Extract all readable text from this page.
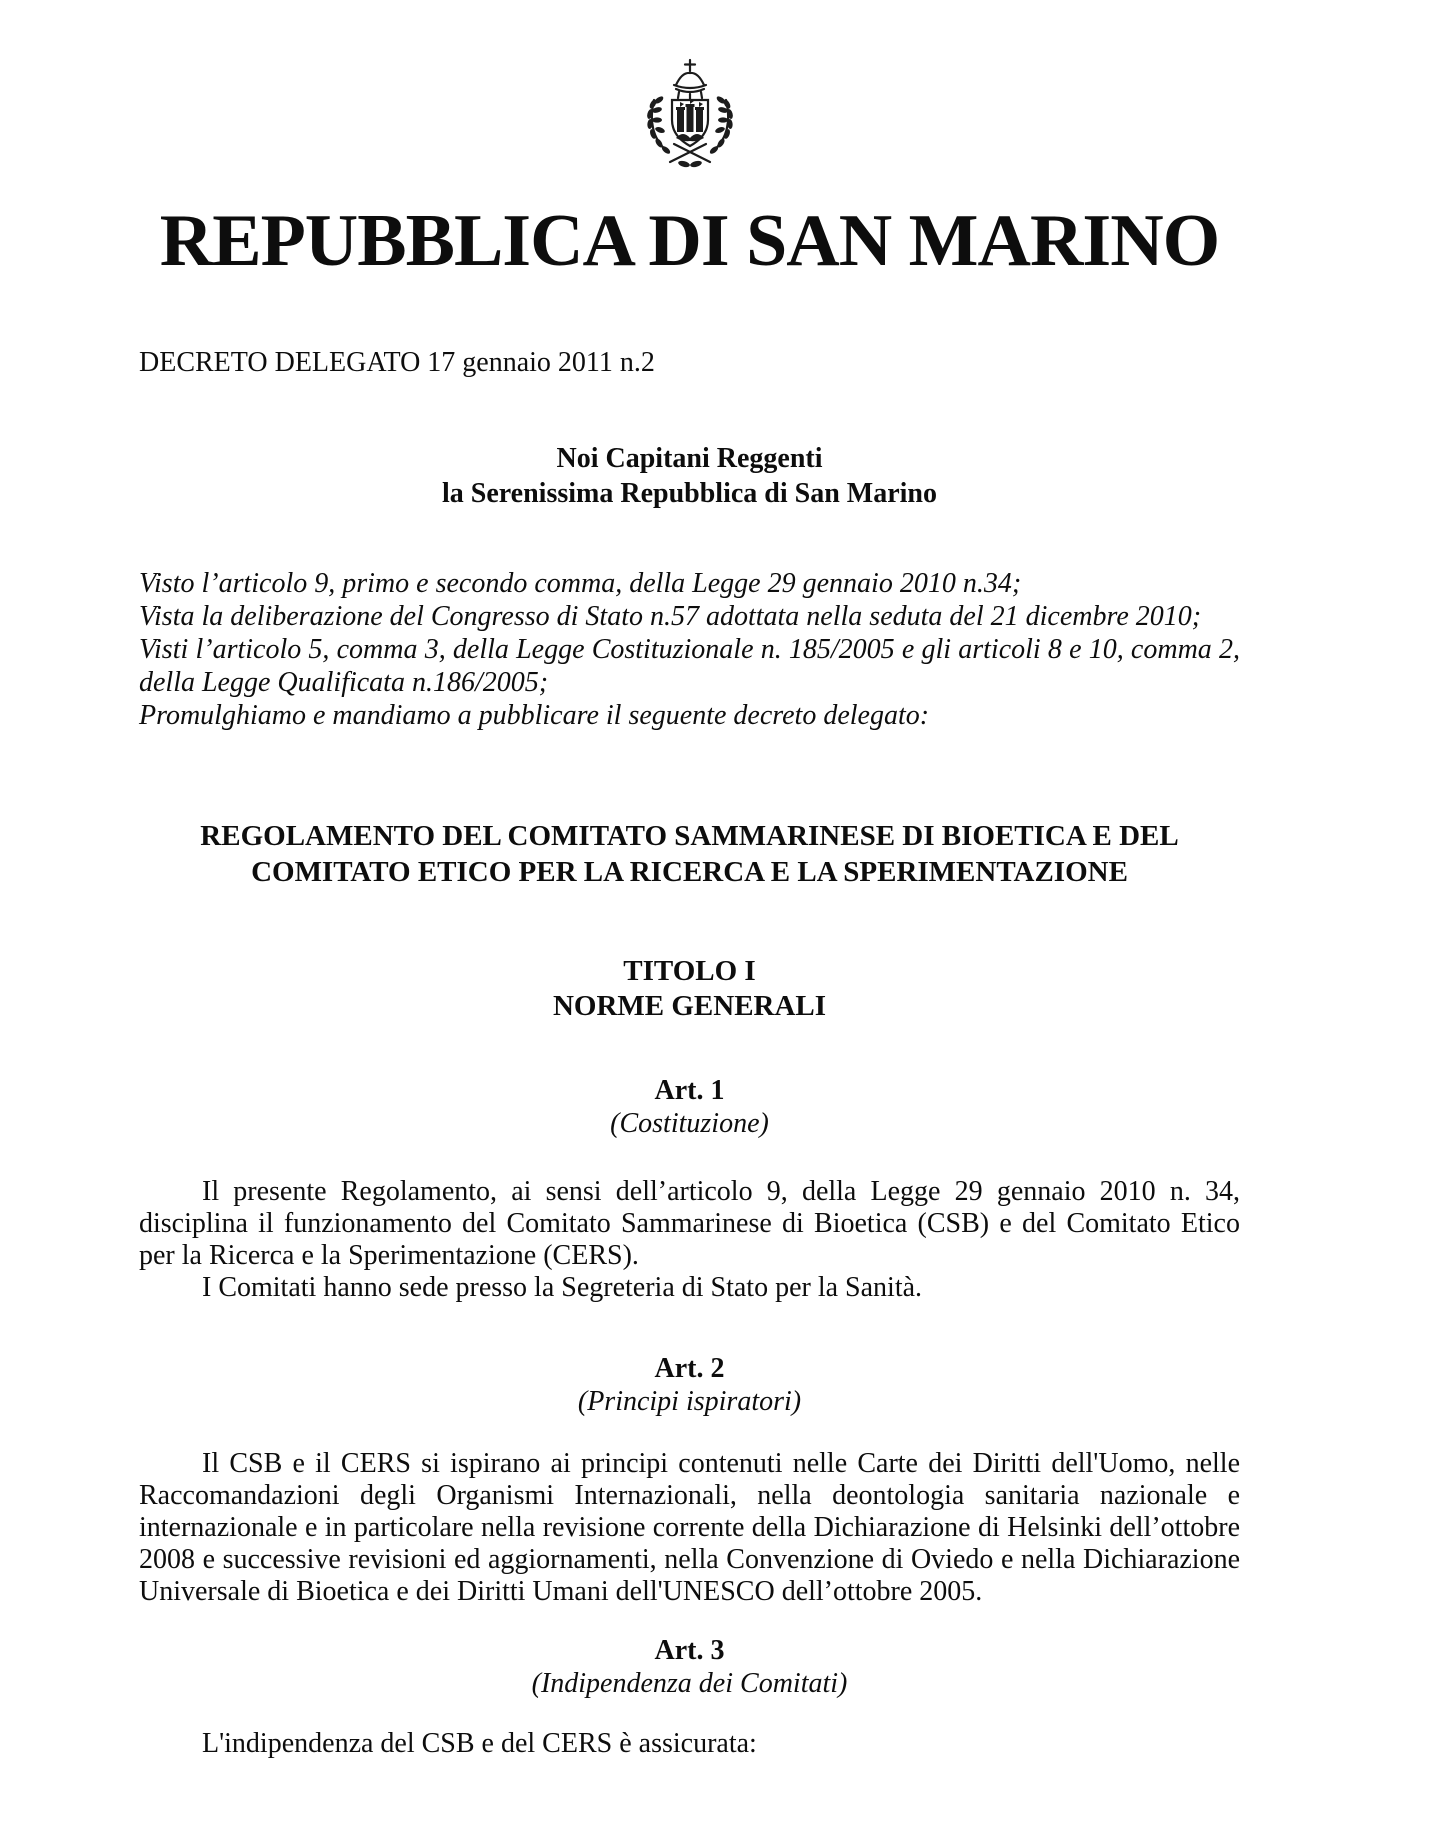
REPUBBLICA DI SAN MARINO

DECRETO DELEGATO 17 gennaio 2011 n.2

Noi Capitani Reggenti

la Serenissima Repubblica di San Marino

Visto l’articolo 9, primo e secondo comma, della Legge 29 gennaio 2010 n.34;

Vista la deliberazione del Congresso di Stato n.57 adottata nella seduta del 21 dicembre 2010;

Visti l’articolo 5, comma 3, della Legge Costituzionale n. 185/2005 e gli articoli 8 e 10, comma 2, della Legge Qualificata n.186/2005;

Promulghiamo e mandiamo a pubblicare il seguente decreto delegato:

REGOLAMENTO DEL COMITATO SAMMARINESE DI BIOETICA E DEL COMITATO ETICO PER LA RICERCA E LA SPERIMENTAZIONE

TITOLO I

NORME GENERALI

Art. 1
(Costituzione)

Il presente Regolamento, ai sensi dell’articolo 9, della Legge 29 gennaio 2010 n. 34, disciplina il funzionamento del Comitato Sammarinese di Bioetica (CSB) e del Comitato Etico per la Ricerca e la Sperimentazione (CERS).

I Comitati hanno sede presso la Segreteria di Stato per la Sanità.

Art. 2
(Principi ispiratori)

Il CSB e il CERS si ispirano ai principi contenuti nelle Carte dei Diritti dell'Uomo, nelle Raccomandazioni degli Organismi Internazionali, nella deontologia sanitaria nazionale e internazionale e in particolare nella revisione corrente della Dichiarazione di Helsinki dell’ottobre 2008 e successive revisioni ed aggiornamenti, nella Convenzione di Oviedo e nella Dichiarazione Universale di Bioetica e dei Diritti Umani dell'UNESCO dell’ottobre 2005.

Art. 3
(Indipendenza dei Comitati)

L'indipendenza del CSB e del CERS è assicurata:
